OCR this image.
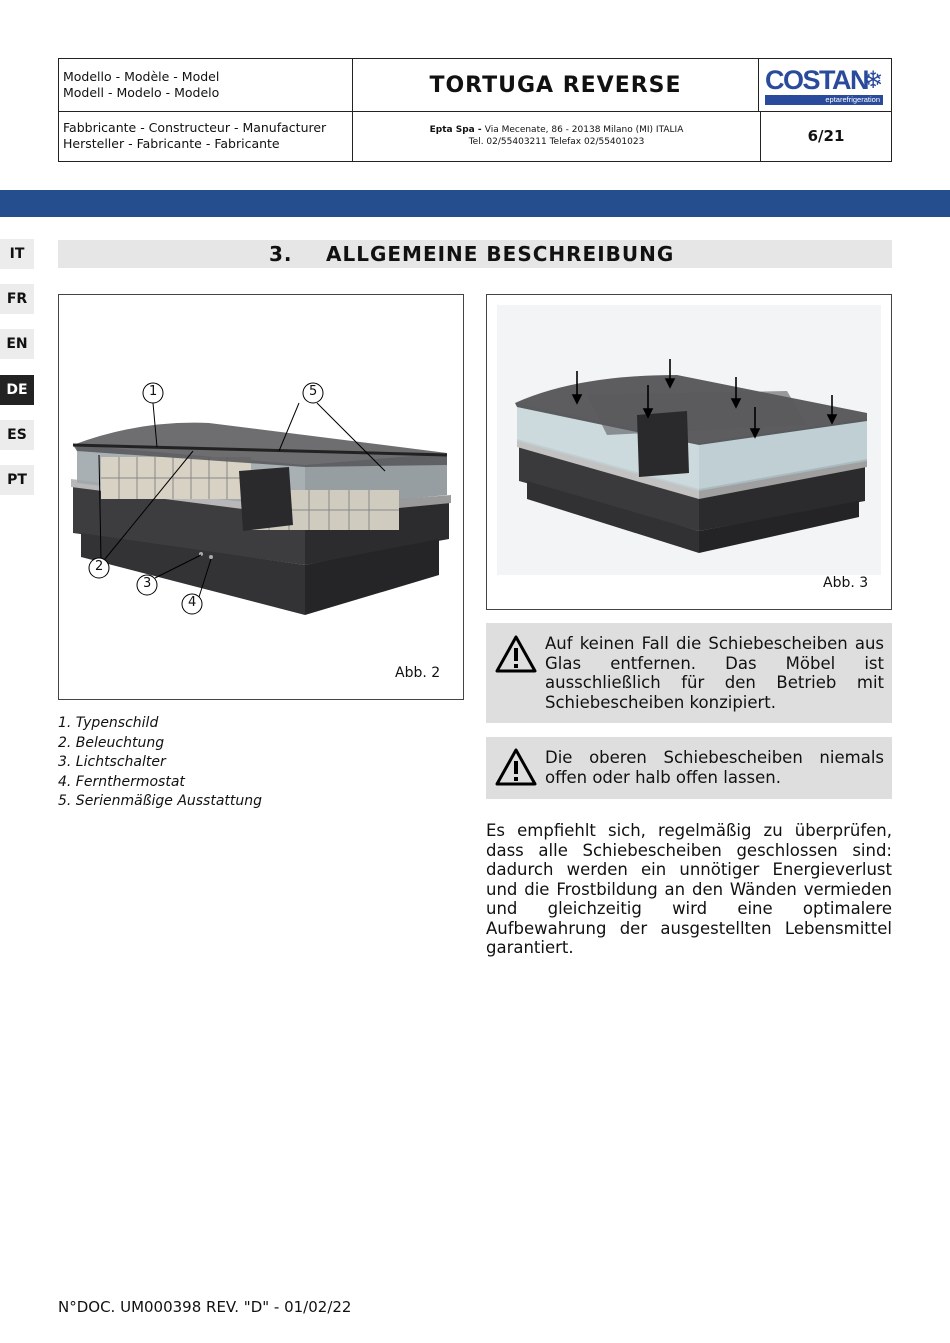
Modello - Modèle - Model
Modell - Modelo - Modelo	TORTUGA REVERSE	COSTAN
❄
eptarefrigeration
Fabbricante - Constructeur - Manufacturer
Hersteller - Fabricante - Fabricante
Epta Spa - Via Mecenate, 86 - 20138 Milano (MI) ITALIA
Tel. 02/55403211 Telefax 02/55401023	6/21
IT
FR
EN
DE
ES
PT
3. ALLGEMEINE BESCHREIBUNG
1	5
2
3
4
Abb. 2
Abb. 3
1. Typenschild
2. Beleuchtung
3. Lichtschalter
4. Fernthermostat
5. Serienmäßige Ausstattung
Auf keinen Fall die Schiebescheiben aus Glas entfernen. Das Möbel ist ausschließlich für den Betrieb mit Schiebescheiben konzipiert.
Die oberen Schiebescheiben niemals offen oder halb offen lassen.
Es empfiehlt sich, regelmäßig zu überprüfen, dass alle Schiebescheiben geschlossen sind: dadurch werden ein unnötiger Energieverlust und die Frostbildung an den Wänden vermieden und gleichzeitig wird eine optimalere Aufbewahrung der ausgestellten Lebensmittel garantiert.
N°DOC. UM000398 REV. "D" - 01/02/22
